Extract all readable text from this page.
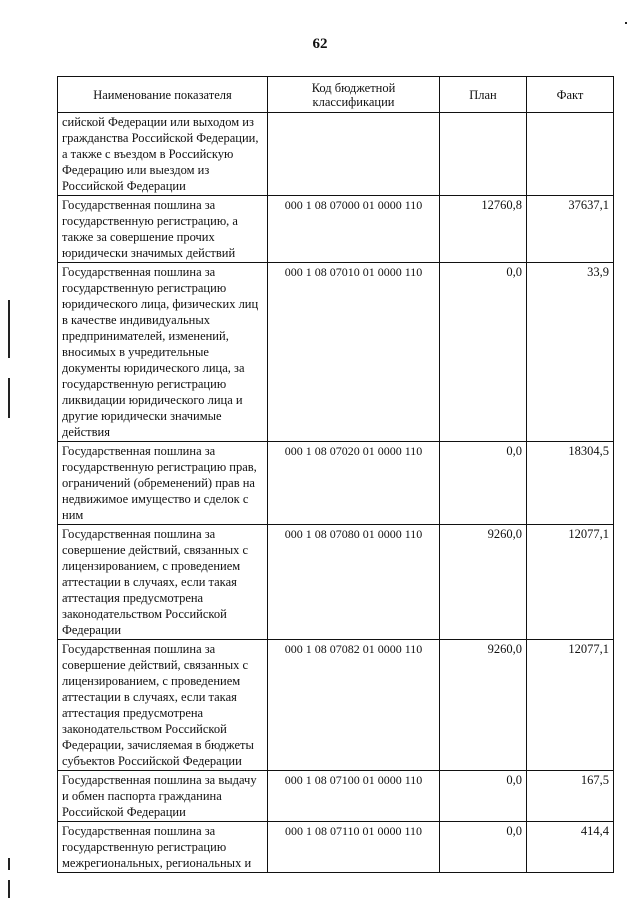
62
Наименование показателя	Код бюджетной классификации	План	Факт
сийской Федерации или выходом из гражданства Российской Федерации, а также с въездом в Российскую Федерацию или выездом из Российской Федерации			
Государственная пошлина за государственную регистрацию, а также за совершение прочих юридически значимых действий	000 1 08 07000 01 0000 110	12760,8	37637,1
Государственная пошлина за государственную регистрацию юридического лица, физических лиц в качестве индивидуальных предпринимателей, изменений, вносимых в учредительные документы юридического лица, за государственную регистрацию ликвидации юридического лица и другие юридически значимые действия	000 1 08 07010 01 0000 110	0,0	33,9
Государственная пошлина за государственную регистрацию прав, ограничений (обременений) прав на недвижимое имущество и сделок с ним	000 1 08 07020 01 0000 110	0,0	18304,5
Государственная пошлина за совершение действий, связанных с лицензированием, с проведением аттестации в случаях, если такая аттестация предусмотрена законодательством Российской Федерации	000 1 08 07080 01 0000 110	9260,0	12077,1
Государственная пошлина за совершение действий, связанных с лицензированием, с проведением аттестации в случаях, если такая аттестация предусмотрена законодательством Российской Федерации, зачисляемая в бюджеты субъектов Российской Федерации	000 1 08 07082 01 0000 110	9260,0	12077,1
Государственная пошлина за выдачу и обмен паспорта гражданина Российской Федерации	000 1 08 07100 01 0000 110	0,0	167,5
Государственная пошлина за государственную регистрацию межрегиональных, региональных и	000 1 08 07110 01 0000 110	0,0	414,4
